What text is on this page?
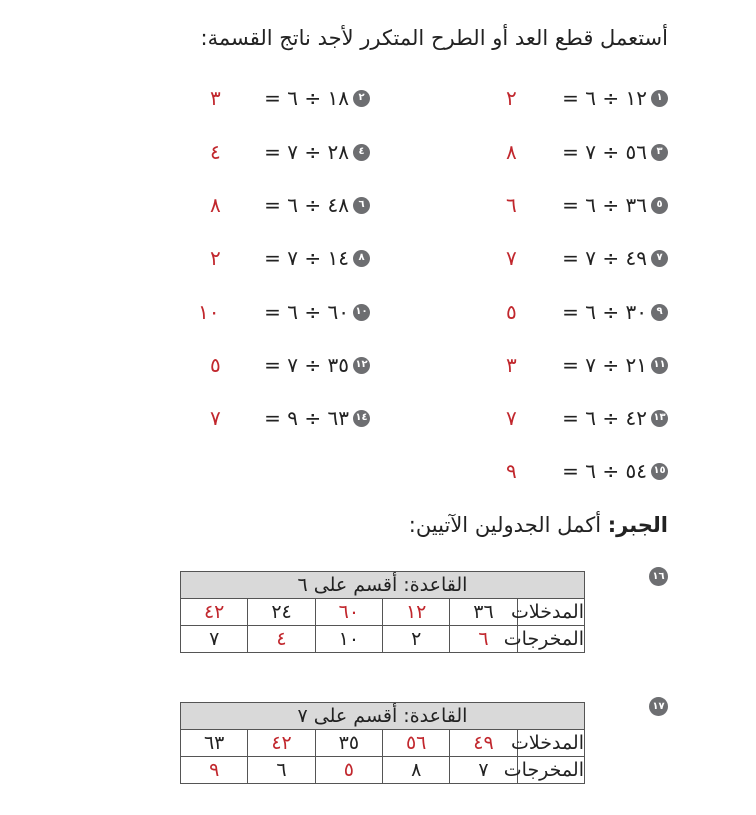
أستعمل قطع العد أو الطرح المتكرر لأجد ناتج القسمة:
١
١٢ ÷ ٦ =
٢
٣
٥٦ ÷ ٧ =
٨
٥
٣٦ ÷ ٦ =
٦
٧
٤٩ ÷ ٧ =
٧
٩
٣٠ ÷ ٦ =
٥
١١
٢١ ÷ ٧ =
٣
١٣
٤٢ ÷ ٦ =
٧
١٥
٥٤ ÷ ٦ =
٩
٢
١٨ ÷ ٦ =
٣
٤
٢٨ ÷ ٧ =
٤
٦
٤٨ ÷ ٦ =
٨
٨
١٤ ÷ ٧ =
٢
١٠
٦٠ ÷ ٦ =
١٠
١٢
٣٥ ÷ ٧ =
٥
١٤
٦٣ ÷ ٩ =
٧
الجبر: أكمل الجدولين الآتيين:
١٦
القاعدة: أقسم على ٦					
المدخلات	٣٦	١٢	٦٠	٢٤	٤٢
المخرجات	٦	٢	١٠	٤	٧
١٧
القاعدة: أقسم على ٧					
المدخلات	٤٩	٥٦	٣٥	٤٢	٦٣
المخرجات	٧	٨	٥	٦	٩
